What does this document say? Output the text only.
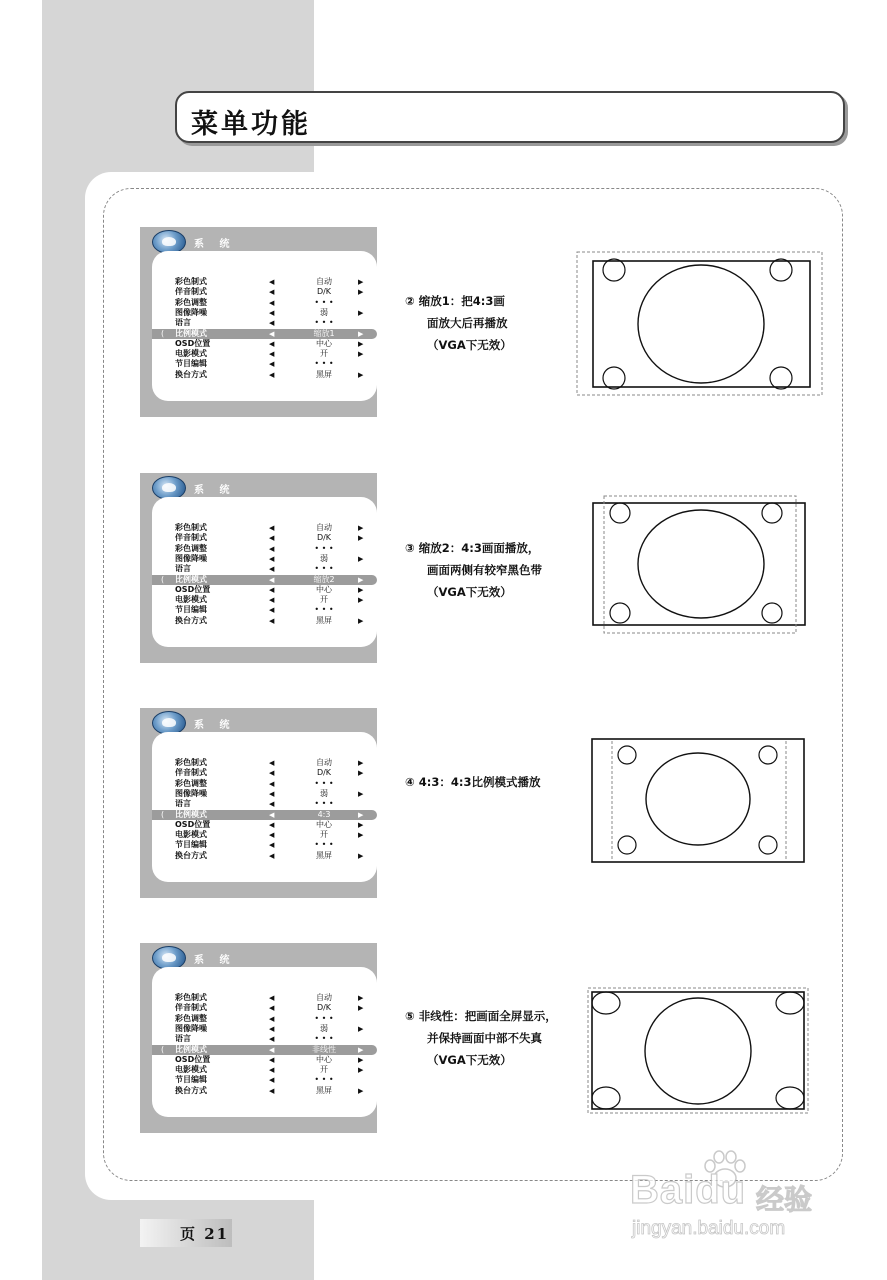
菜单功能
系 统
彩色制式	◀	自动	▶
伴音制式	◀	D/K	▶
彩色调整	◀	• • •
图像降噪	◀	弱	▶
语言	◀	• • •
( 比例模式	◀	缩放1	▶
OSD位置	◀	中心	▶
电影模式	◀	开	▶
节目编辑	◀	• • •
换台方式	◀	黑屏	▶
② 缩放1：把4:3画
面放大后再播放
（VGA下无效）
系 统
彩色制式	◀	自动	▶
伴音制式	◀	D/K	▶
彩色调整	◀	• • •
图像降噪	◀	弱	▶
语言	◀	• • •
( 比例模式	◀	缩放2	▶
OSD位置	◀	中心	▶
电影模式	◀	开	▶
节目编辑	◀	• • •
换台方式	◀	黑屏	▶
③ 缩放2：4:3画面播放，
画面两侧有较窄黑色带
（VGA下无效）
系 统
彩色制式	◀	自动	▶
伴音制式	◀	D/K	▶
彩色调整	◀	• • •
图像降噪	◀	弱	▶
语言	◀	• • •
( 比例模式	◀	4:3	▶
OSD位置	◀	中心	▶
电影模式	◀	开	▶
节目编辑	◀	• • •
换台方式	◀	黑屏	▶
④ 4:3：4:3比例模式播放
系 统
彩色制式	◀	自动	▶
伴音制式	◀	D/K	▶
彩色调整	◀	• • •
图像降噪	◀	弱	▶
语言	◀	• • •
( 比例模式	◀	非线性	▶
OSD位置	◀	中心	▶
电影模式	◀	开	▶
节目编辑	◀	• • •
换台方式	◀	黑屏	▶
⑤ 非线性：把画面全屏显示，
并保持画面中部不失真
（VGA下无效）
页 21
Baidu 经验
jingyan.baidu.com
